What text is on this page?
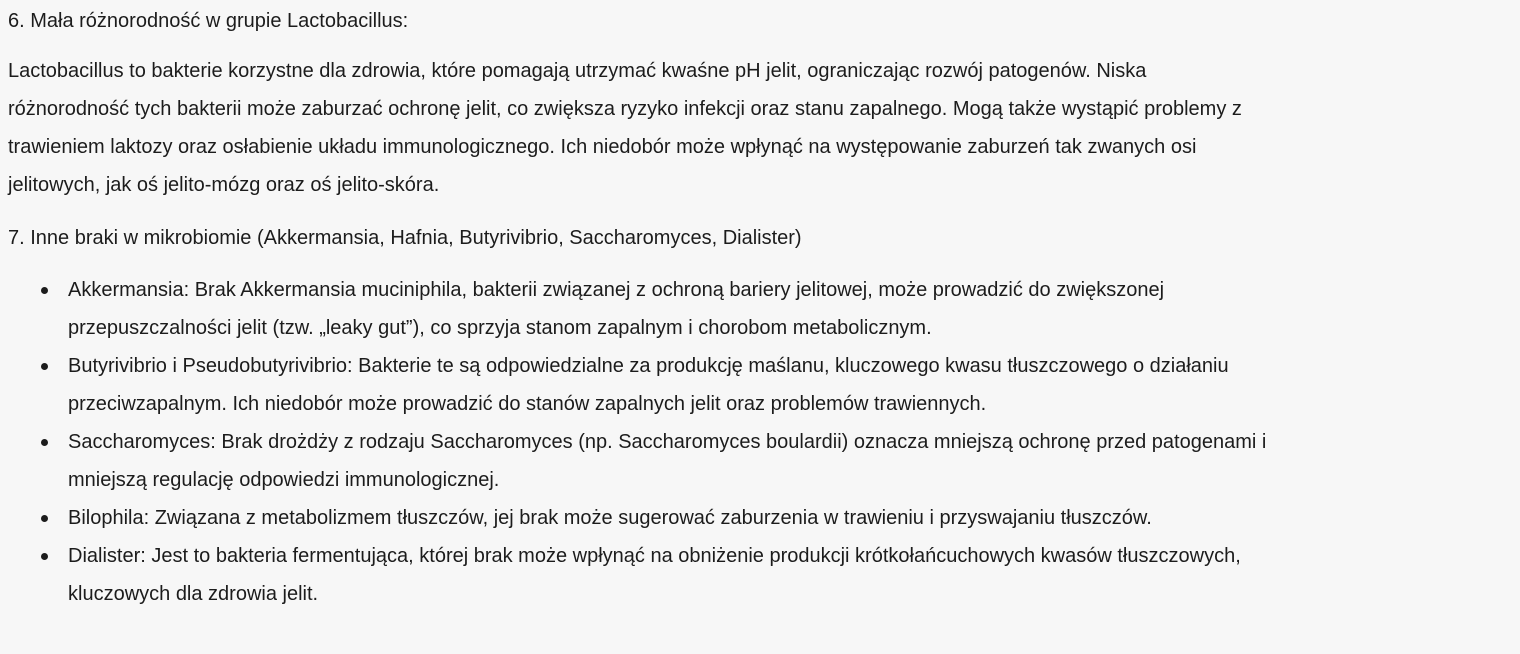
6. Mała różnorodność w grupie Lactobacillus:

Lactobacillus to bakterie korzystne dla zdrowia, które pomagają utrzymać kwaśne pH jelit, ograniczając rozwój patogenów. Niska
różnorodność tych bakterii może zaburzać ochronę jelit, co zwiększa ryzyko infekcji oraz stanu zapalnego. Mogą także wystąpić problemy z
trawieniem laktozy oraz osłabienie układu immunologicznego. Ich niedobór może wpłynąć na występowanie zaburzeń tak zwanych osi
jelitowych, jak oś jelito-mózg oraz oś jelito-skóra.

7. Inne braki w mikrobiomie (Akkermansia, Hafnia, Butyrivibrio, Saccharomyces, Dialister)
Akkermansia: Brak Akkermansia muciniphila, bakterii związanej z ochroną bariery jelitowej, może prowadzić do zwiększonej
przepuszczalności jelit (tzw. „leaky gut”), co sprzyja stanom zapalnym i chorobom metabolicznym.
Butyrivibrio i Pseudobutyrivibrio: Bakterie te są odpowiedzialne za produkcję maślanu, kluczowego kwasu tłuszczowego o działaniu
przeciwzapalnym. Ich niedobór może prowadzić do stanów zapalnych jelit oraz problemów trawiennych.
Saccharomyces: Brak drożdży z rodzaju Saccharomyces (np. Saccharomyces boulardii) oznacza mniejszą ochronę przed patogenami i
mniejszą regulację odpowiedzi immunologicznej.
Bilophila: Związana z metabolizmem tłuszczów, jej brak może sugerować zaburzenia w trawieniu i przyswajaniu tłuszczów.
Dialister: Jest to bakteria fermentująca, której brak może wpłynąć na obniżenie produkcji krótkołańcuchowych kwasów tłuszczowych,
kluczowych dla zdrowia jelit.
